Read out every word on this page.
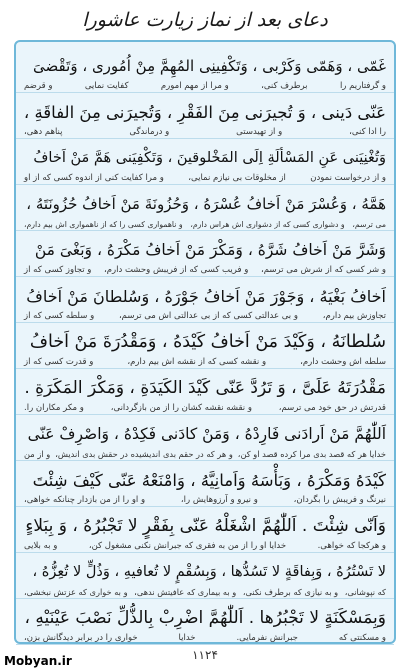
دعای بعد از نماز زیارت عاشورا
غَمّی ، وَهَمّی وَکَرْبی ، وَتَکْفِینِی المُهِمَّ مِنْ اُمُوری ، وَتَقْضیَ
و گرفتاریم را
برطرف کنی،
و مرا از مهم امورم
کفایت نمایی
و قرضم
عَنّی دَینی ، وَ تُجیرَنی مِنَ الفَقْرِ ، وَتُجیرَنی مِنَ الفاقَةِ ،
را ادا کنی،
و از تهیدستی
و درماندگی
پناهم دهی،
وَتُغْنِیَنی عَنِ المَسْألَةِ اِلَی المَخْلوقینَ ، وَتَکْفِیَنی هَمَّ مَنْ اَخافُ
و از درخواست نمودن
از مخلوقات بی نیازم نمایی،
و مرا کفایت کنی از اندوه کسی که از او
هَمَّهُ ، وَعُسْرَ مَنْ اَخافُ عُسْرَهُ ، وَحُزُونَةَ مَنْ اَخافُ حُزُونَتَهُ ،
می ترسم،
و دشواری کسی که از دشواری اش هراس دارم،
و ناهمواری کسی را که از ناهمواری اش بیم دارم،
وَشَرَّ مَنْ اَخافُ شَرَّهُ ، وَمَکْرَ مَنْ اَخافُ مَکْرَهُ ، وَبَغْیَ مَنْ
و شر کسی که از شرش می ترسم،
و فریب کسی که از فریبش وحشت دارم،
و تجاوز کسی که از
اَخافُ بَغْیَهُ ، وَجَوْرَ مَنْ اَخافُ جَوْرَهُ ، وَسُلطانَ مَنْ اَخافُ
تجاوزش بیم دارم،
و بی عدالتی کسی که از بی عدالتی اش می ترسم،
و سلطه کسی که از
سُلطانَهُ ، وَکَیْدَ مَنْ اَخافُ کَیْدَهُ ، وَمَقْدُرَةَ مَنْ اَخافُ
سلطه اش وحشت دارم،
و نقشه کسی که از نقشه اش بیم دارم،
و قدرت کسی که از
مَقْدُرَتَهُ عَلَیَّ ، وَ تَرُدَّ عَنّی کَیْدَ الکَیَدَةِ ، وَمَکْرَ المَکَرَةِ .
قدرتش در حق خود می ترسم،
و نقشه نقشه کشان را از من بازگردانی،
و مکر مکاران را.
اَللّٰهُمَّ مَنْ اَرادَنی فَارِدْهُ ، وَمَنْ کادَنی فَکِدْهُ ، وَاصْرِفْ عَنّی
خدایا هر که قصد بدی مرا کرده قصد او کن،
و هر که در حقم بدی اندیشیده در حقش بدی اندیش،
و از من
کَیْدَهُ وَمَکْرَهُ ، وَبَأْسَهُ وَاَمانِیَّهُ ، وَامْنَعْهُ عَنّی کَیْفَ شِئْتَ
نیرنگ و فریبش را بگردان،
و نیرو و آرزوهایش را،
و او را از من بازدار چنانکه خواهی،
وَاَنّی شِئْتَ . اَللّٰهُمَّ اشْغَلْهُ عَنّی بِفَقْرٍ لا تَجْبُرُهُ ، وَ بِبَلاءٍ
و هرکجا که خواهی.
خدایا او را از من به فقری که جبرانش نکنی مشغول کن،
و به بلایی
لا تَسْتُرُهُ ، وَبِفاقَةٍ لا تَسُدُّها ، وَبِسُقْمٍ لا تُعافیهِ ، وَذُلٍّ لا تُعِزُّهُ ،
که نپوشانی،
و به نیازی که برطرف نکنی،
و به بیماری که عافیتش ندهی،
و به خواری که عزتش نبخشی،
وَبِمَسْکَنَةٍ لا تَجْبُرُها . اَللّٰهُمَّ اضْرِبْ بِالذُّلِّ نَصْبَ عَیْنَیْهِ ،
و مسکنتی که
جبرانش نفرمایی.
خدایا
خواری را در برابر دیدگانش بزن،
۱۱۲۴
Mobyan.ir
